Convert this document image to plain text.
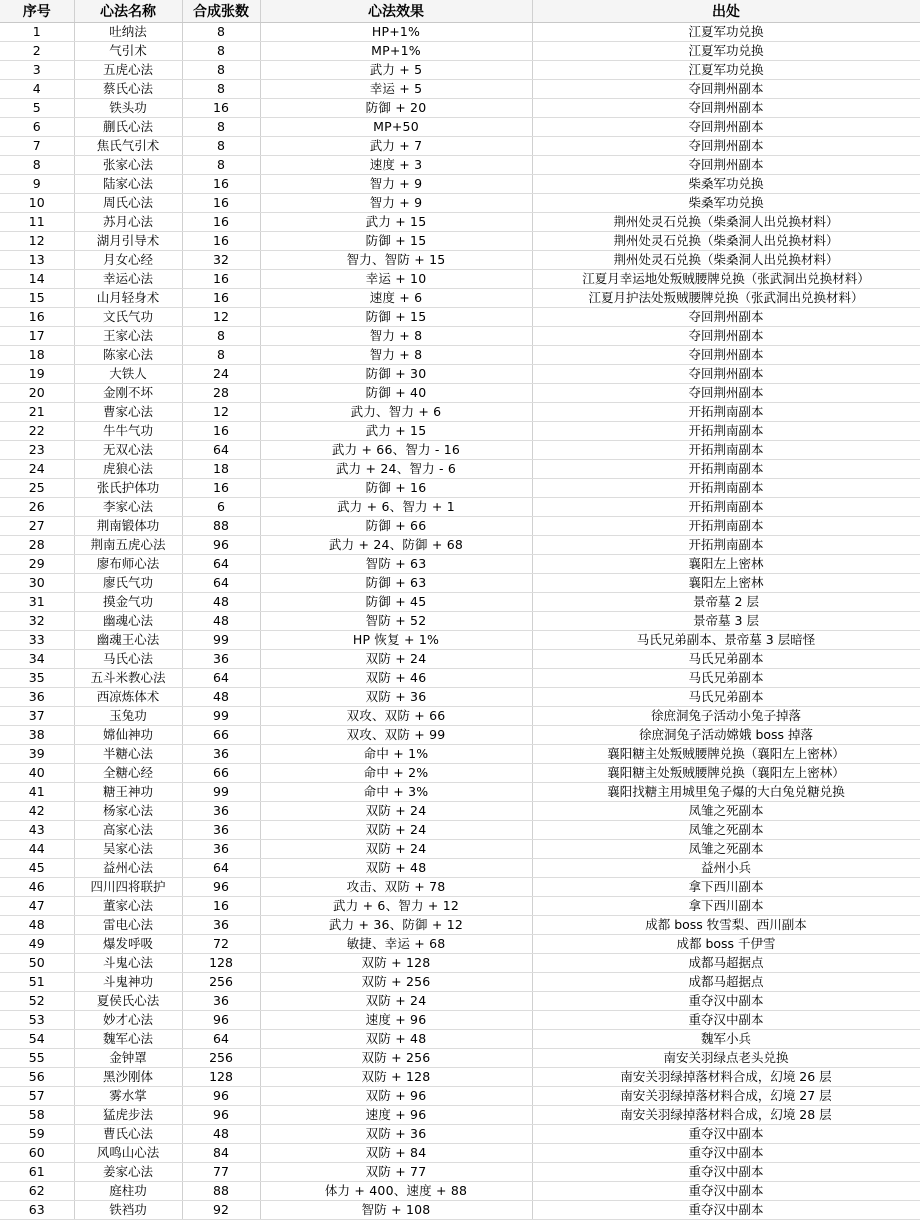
序号	心法名称	合成张数	心法效果	出处
1	吐纳法	8	HP+1%	江夏军功兑换
2	气引术	8	MP+1%	江夏军功兑换
3	五虎心法	8	武力 + 5	江夏军功兑换
4	蔡氏心法	8	幸运 + 5	夺回荆州副本
5	铁头功	16	防御 + 20	夺回荆州副本
6	蒯氏心法	8	MP+50	夺回荆州副本
7	焦氏气引术	8	武力 + 7	夺回荆州副本
8	张家心法	8	速度 + 3	夺回荆州副本
9	陆家心法	16	智力 + 9	柴桑军功兑换
10	周氏心法	16	智力 + 9	柴桑军功兑换
11	苏月心法	16	武力 + 15	荆州处灵石兑换（柴桑洞人出兑换材料）
12	湖月引导术	16	防御 + 15	荆州处灵石兑换（柴桑洞人出兑换材料）
13	月女心经	32	智力、智防 + 15	荆州处灵石兑换（柴桑洞人出兑换材料）
14	幸运心法	16	幸运 + 10	江夏月幸运地处叛贼腰牌兑换（张武洞出兑换材料）
15	山月轻身术	16	速度 + 6	江夏月护法处叛贼腰牌兑换（张武洞出兑换材料）
16	文氏气功	12	防御 + 15	夺回荆州副本
17	王家心法	8	智力 + 8	夺回荆州副本
18	陈家心法	8	智力 + 8	夺回荆州副本
19	大铁人	24	防御 + 30	夺回荆州副本
20	金刚不坏	28	防御 + 40	夺回荆州副本
21	曹家心法	12	武力、智力 + 6	开拓荆南副本
22	牛牛气功	16	武力 + 15	开拓荆南副本
23	无双心法	64	武力 + 66、智力 - 16	开拓荆南副本
24	虎狼心法	18	武力 + 24、智力 - 6	开拓荆南副本
25	张氏护体功	16	防御 + 16	开拓荆南副本
26	李家心法	6	武力 + 6、智力 + 1	开拓荆南副本
27	荆南锻体功	88	防御 + 66	开拓荆南副本
28	荆南五虎心法	96	武力 + 24、防御 + 68	开拓荆南副本
29	廖布师心法	64	智防 + 63	襄阳左上密林
30	廖氏气功	64	防御 + 63	襄阳左上密林
31	摸金气功	48	防御 + 45	景帝墓 2 层
32	幽魂心法	48	智防 + 52	景帝墓 3 层
33	幽魂王心法	99	HP 恢复 + 1%	马氏兄弟副本、景帝墓 3 层暗怪
34	马氏心法	36	双防 + 24	马氏兄弟副本
35	五斗米教心法	64	双防 + 46	马氏兄弟副本
36	西凉炼体术	48	双防 + 36	马氏兄弟副本
37	玉兔功	99	双攻、双防 + 66	徐庶洞兔子活动小兔子掉落
38	嫦仙神功	66	双攻、双防 + 99	徐庶洞兔子活动嫦娥 boss 掉落
39	半糖心法	36	命中 + 1%	襄阳糖主处叛贼腰牌兑换（襄阳左上密林）
40	全糖心经	66	命中 + 2%	襄阳糖主处叛贼腰牌兑换（襄阳左上密林）
41	糖王神功	99	命中 + 3%	襄阳找糖主用城里兔子爆的大白兔兑糖兑换
42	杨家心法	36	双防 + 24	凤雏之死副本
43	高家心法	36	双防 + 24	凤雏之死副本
44	吴家心法	36	双防 + 24	凤雏之死副本
45	益州心法	64	双防 + 48	益州小兵
46	四川四将联护	96	攻击、双防 + 78	拿下西川副本
47	董家心法	16	武力 + 6、智力 + 12	拿下西川副本
48	雷电心法	36	武力 + 36、防御 + 12	成都 boss 牧雪梨、西川副本
49	爆发呼吸	72	敏捷、幸运 + 68	成都 boss 千伊雪
50	斗鬼心法	128	双防 + 128	成都马超据点
51	斗鬼神功	256	双防 + 256	成都马超据点
52	夏侯氏心法	36	双防 + 24	重夺汉中副本
53	妙才心法	96	速度 + 96	重夺汉中副本
54	魏军心法	64	双防 + 48	魏军小兵
55	金钟罩	256	双防 + 256	南安关羽绿点老头兑换
56	黑沙刚体	128	双防 + 128	南安关羽绿掉落材料合成，幻境 26 层
57	雾水掌	96	双防 + 96	南安关羽绿掉落材料合成，幻境 27 层
58	猛虎步法	96	速度 + 96	南安关羽绿掉落材料合成，幻境 28 层
59	曹氏心法	48	双防 + 36	重夺汉中副本
60	风鸣山心法	84	双防 + 84	重夺汉中副本
61	姜家心法	77	双防 + 77	重夺汉中副本
62	庭柱功	88	体力 + 400、速度 + 88	重夺汉中副本
63	铁裆功	92	智防 + 108	重夺汉中副本
